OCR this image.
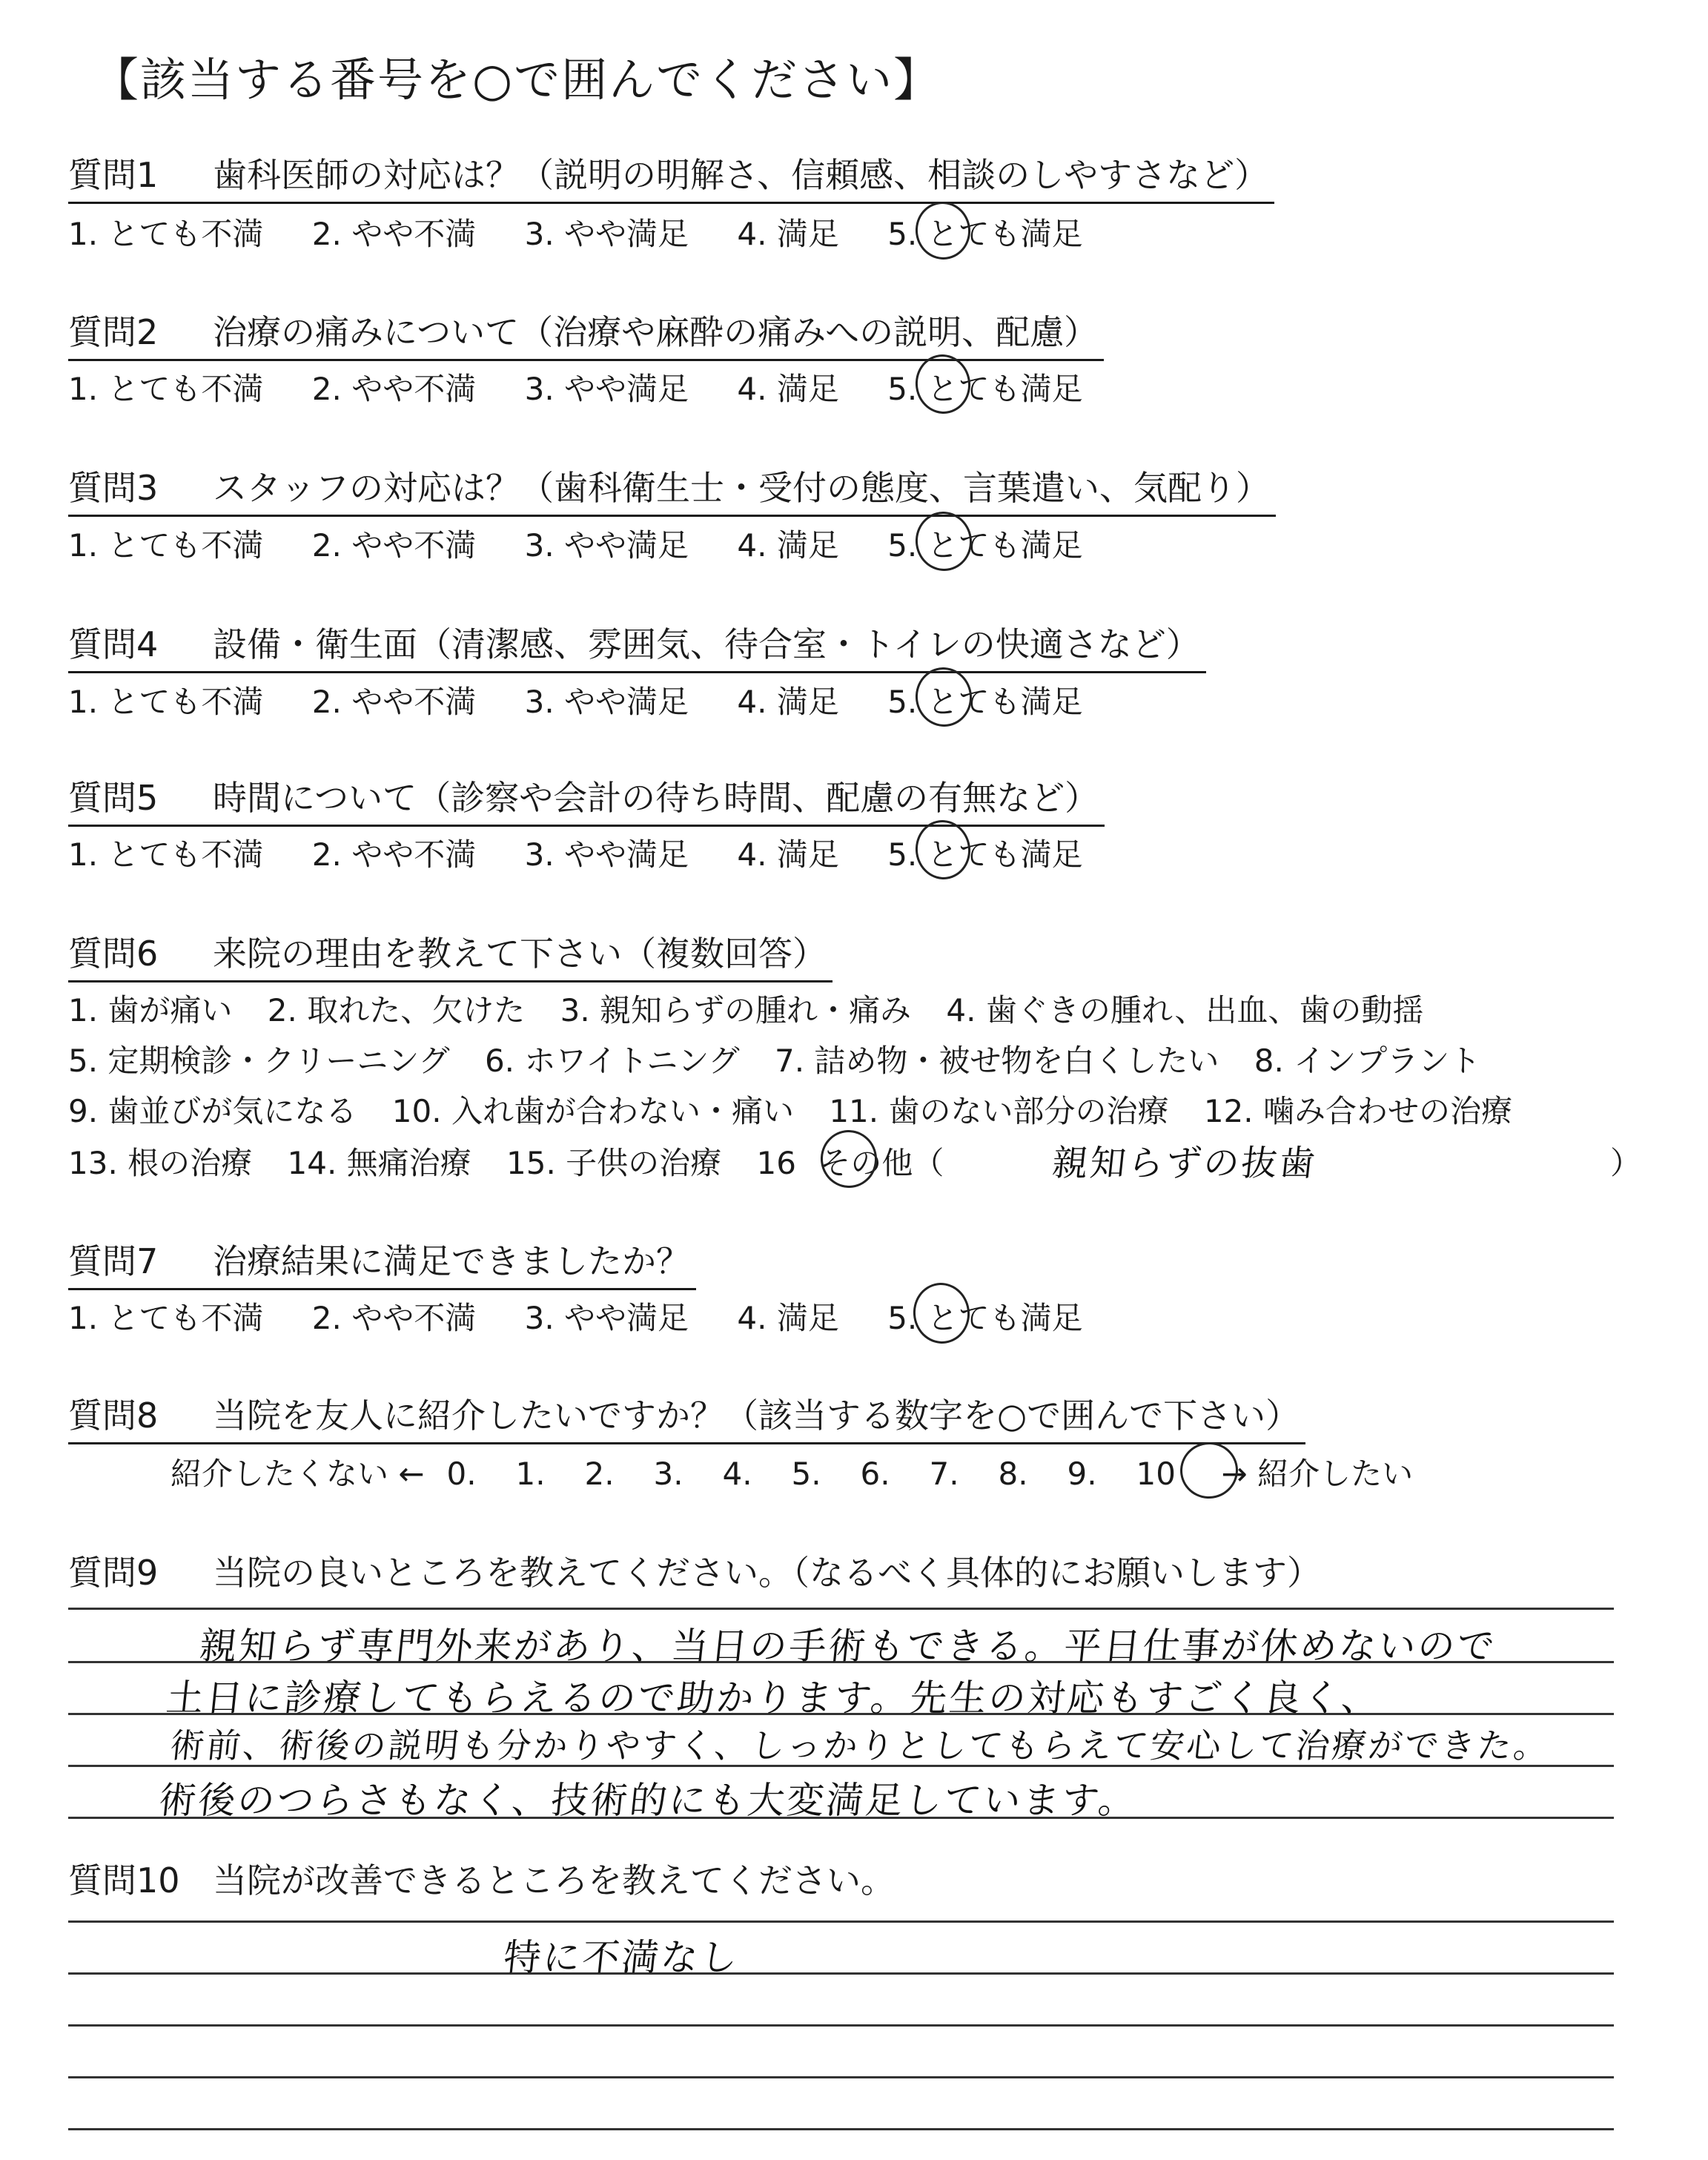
【該当する番号を○で囲んでください】
質問1 歯科医師の対応は？（説明の明解さ、信頼感、相談のしやすさなど）
1. とても不満 2. やや不満 3. やや満足 4. 満足 5. とても満足
質問2 治療の痛みについて（治療や麻酔の痛みへの説明、配慮）
1. とても不満 2. やや不満 3. やや満足 4. 満足 5. とても満足
質問3 スタッフの対応は？（歯科衛生士・受付の態度、言葉遣い、気配り）
1. とても不満 2. やや不満 3. やや満足 4. 満足 5. とても満足
質問4 設備・衛生面（清潔感、雰囲気、待合室・トイレの快適さなど）
1. とても不満 2. やや不満 3. やや満足 4. 満足 5. とても満足
質問5 時間について（診察や会計の待ち時間、配慮の有無など）
1. とても不満 2. やや不満 3. やや満足 4. 満足 5. とても満足
質問6 来院の理由を教えて下さい（複数回答）
1. 歯が痛い 2. 取れた、欠けた 3. 親知らずの腫れ・痛み 4. 歯ぐきの腫れ、出血、歯の動揺
5. 定期検診・クリーニング 6. ホワイトニング 7. 詰め物・被せ物を白くしたい 8. インプラント
9. 歯並びが気になる 10. 入れ歯が合わない・痛い 11. 歯のない部分の治療 12. 噛み合わせの治療
13. 根の治療 14. 無痛治療 15. 子供の治療 16 その他（	親知らずの抜歯	）
質問7 治療結果に満足できましたか？
1. とても不満 2. やや不満 3. やや満足 4. 満足 5. とても満足
質問8 当院を友人に紹介したいですか？（該当する数字を○で囲んで下さい）
紹介したくない ← 0. 1. 2. 3. 4. 5. 6. 7. 8. 9. 10 → 紹介したい
質問9 当院の良いところを教えてください。（なるべく具体的にお願いします）
親知らず専門外来があり、当日の手術もできる。平日仕事が休めないので
土日に診療してもらえるので助かります。先生の対応もすごく良く、
術前、術後の説明も分かりやすく、しっかりとしてもらえて安心して治療ができた。
術後のつらさもなく、技術的にも大変満足しています。
質問10 当院が改善できるところを教えてください。
特に不満なし
